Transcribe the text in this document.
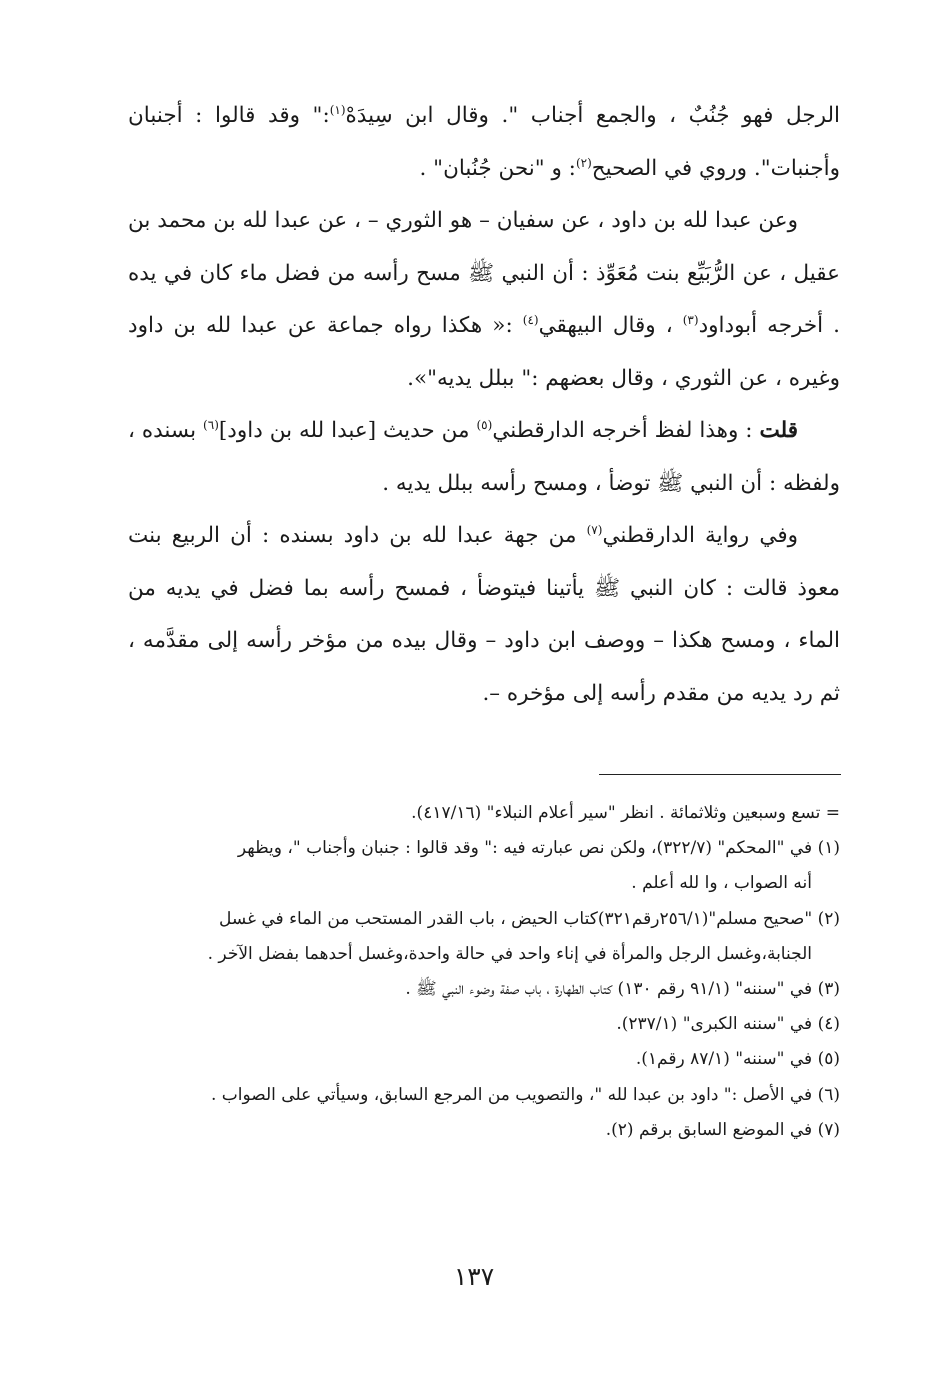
الرجل فهو جُنُبٌ ، والجمع أجناب ". وقال ابن سِيدَهْ$^{(١)}$:" وقد قالوا : أجنبان وأجنبات". وروي في الصحيح$^{(٢)}$: و "نحن جُنُبان" .

وعن عبدا لله بن داود ، عن سفيان – هو الثوري – ، عن عبدا لله بن محمد بن عقيل ، عن الرُّبَيِّع بنت مُعَوِّذ : أن النبي ﷺ مسح رأسه من فضل ماء كان في يده . أخرجه أبوداود$^{(٣)}$ ، وقال البيهقي$^{(٤)}$ :« هكذا رواه جماعة عن عبدا لله بن داود وغيره ، عن الثوري ، وقال بعضهم :" ببلل يديه"».

قلت : وهذا لفظ أخرجه الدارقطني$^{(٥)}$ من حديث [عبدا لله بن داود]$^{(٦)}$ بسنده ، ولفظه : أن النبي ﷺ توضأ ، ومسح رأسه ببلل يديه .

وفي رواية الدارقطني$^{(٧)}$ من جهة عبدا لله بن داود بسنده : أن الربيع بنت معوذ قالت : كان النبي ﷺ يأتينا فيتوضأ ، فمسح رأسه بما فضل في يديه من الماء ، ومسح هكذا – ووصف ابن داود – وقال بيده من مؤخر رأسه إلى مقدَّمه ، ثم رد يديه من مقدم رأسه إلى مؤخره –.

= تسع وسبعين وثلاثمائة . انظر "سير أعلام النبلاء" (٤١٧/١٦).

(١) في "المحكم" (٣٢٢/٧)، ولكن نص عبارته فيه :" وقد قالوا : جنبان وأجناب "، ويظهر

أنه الصواب ، وا لله أعلم .

(٢) "صحيح مسلم"(٢٥٦/١رقم٣٢١)كتاب الحيض ، باب القدر المستحب من الماء في غسل

الجنابة،وغسل الرجل والمرأة في إناء واحد في حالة واحدة،وغسل أحدهما بفضل الآخر .

(٣) في "سننه" (٩١/١ رقم ١٣٠) كتاب الطهارة ، باب صفة وضوء النبي ﷺ .

(٤) في "سننه الكبرى" (٢٣٧/١).

(٥) في "سننه" (٨٧/١ رقم١).

(٦) في الأصل :" داود بن عبدا لله "، والتصويب من المرجع السابق، وسيأتي على الصواب .

(٧) في الموضع السابق برقم (٢).

١٣٧
